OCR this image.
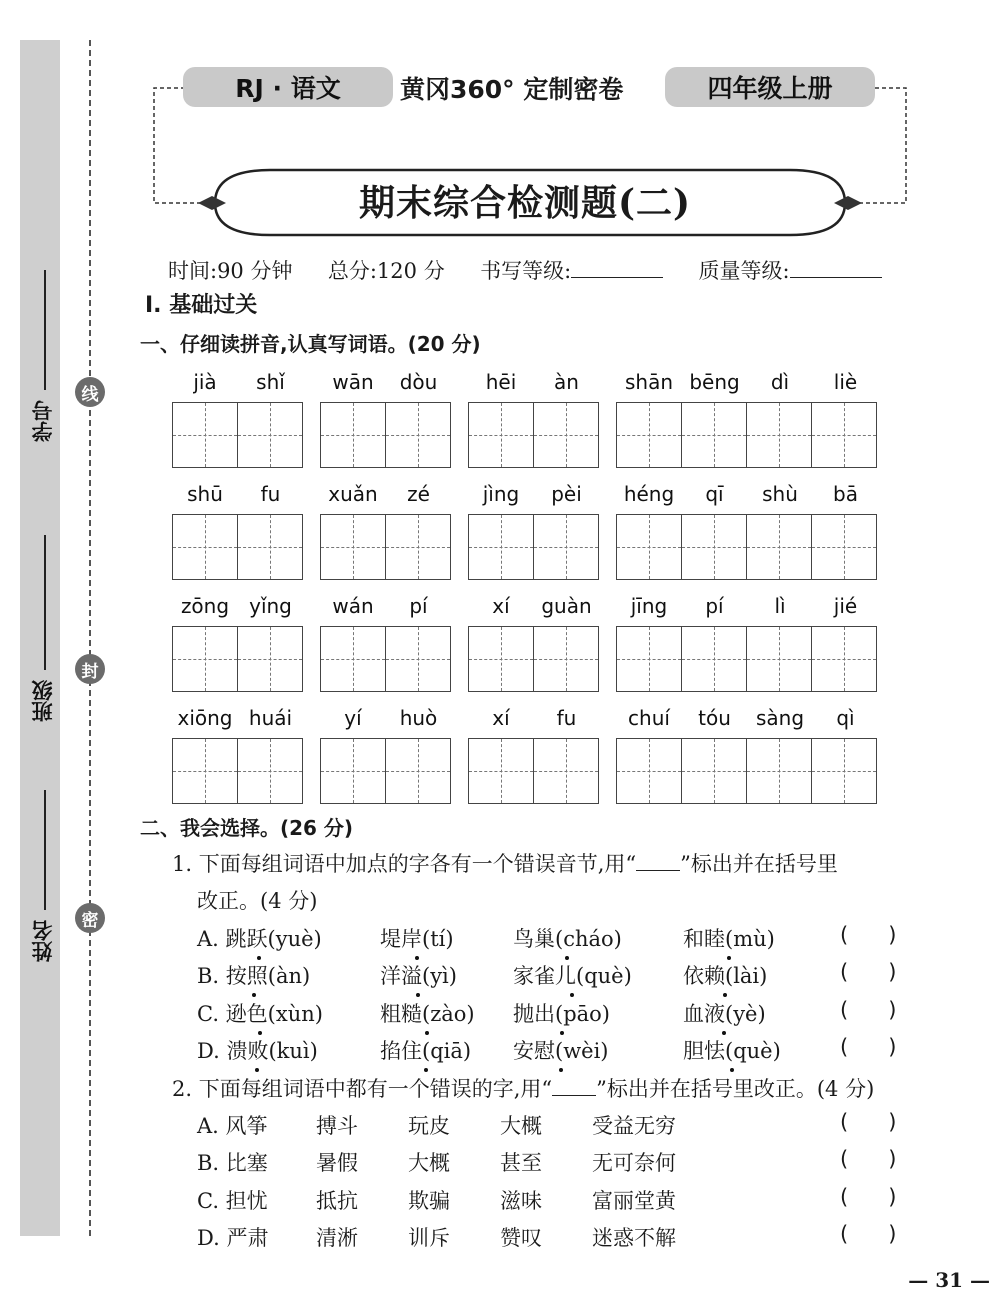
线
封
密
学号
班级
姓名
RJ · 语文	黄冈360° 定制密卷	四年级上册
期末综合检测题(二)
时间:90 分钟 总分:120 分 书写等级:	质量等级:
Ⅰ. 基础过关
一、仔细读拼音,认真写词语。(20 分)
jià	shǐ	wān	dòu	hēi	àn	shān bēng	dì	liè
shū	fu	xuǎn	zé	jìng	pèi	héng	qī	shù	bā
zōng	yǐng	wán	pí	xí	guàn	jīng	pí	lì	jié
xiōng huái	yí	huò	xí	fu	chuí	tóu	sàng	qì
二、我会选择。(26 分)
1. 下面每组词语中加点的字各有一个错误音节,用“ ”标出并在括号里
改正。(4 分)
A. 跳跃(yuè)	堤岸(tí)	鸟巢(cháo)	和睦(mù)	(      )
B. 按照(àn)	洋溢(yì)	家雀儿(què) 依赖(lài)	(      )
C. 逊色(xùn)	粗糙(zào) 抛出(pāo)	血液(yè)	(      )
D. 溃败(kuì)	掐住(qiā) 安慰(wèi)	胆怯(què)	(      )
2. 下面每组词语中都有一个错误的字,用“ ”标出并在括号里改正。(4 分)
A. 风筝 搏斗 玩皮 大概 受益无穷	(      )
B. 比塞 暑假 大概 甚至 无可奈何	(      )
C. 担忧 抵抗 欺骗 滋味 富丽堂黄	(      )
D. 严肃 清淅 训斥 赞叹 迷惑不解	(      )
— 31 —
